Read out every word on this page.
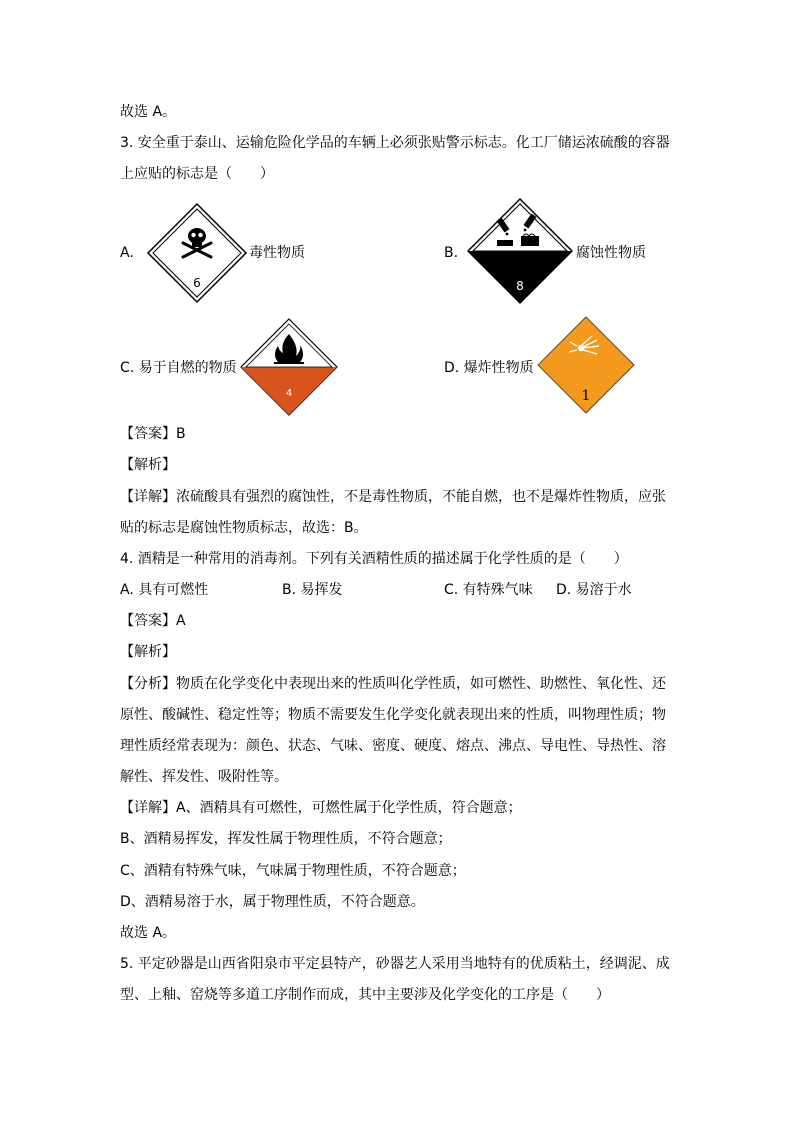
故选 A。
3. 安全重于泰山、运输危险化学品的车辆上必须张贴警示标志。化工厂储运浓硫酸的容器
上应贴的标志是（　　）
A.
6
毒性物质	B.
8
腐蚀性物质
C. 易于自燃的物质
4
D. 爆炸性物质
1
【答案】B
【解析】
【详解】浓硫酸具有强烈的腐蚀性，不是毒性物质，不能自燃，也不是爆炸性物质，应张
贴的标志是腐蚀性物质标志，故选：B。
4. 酒精是一种常用的消毒剂。下列有关酒精性质的描述属于化学性质的是（　　）
A. 具有可燃性	B. 易挥发	C. 有特殊气味 D. 易溶于水
【答案】A
【解析】
【分析】物质在化学变化中表现出来的性质叫化学性质，如可燃性、助燃性、氧化性、还
原性、酸碱性、稳定性等；物质不需要发生化学变化就表现出来的性质，叫物理性质；物
理性质经常表现为：颜色、状态、气味、密度、硬度、熔点、沸点、导电性、导热性、溶
解性、挥发性、吸附性等。
【详解】A、酒精具有可燃性，可燃性属于化学性质，符合题意；
B、酒精易挥发，挥发性属于物理性质，不符合题意；
C、酒精有特殊气味，气味属于物理性质，不符合题意；
D、酒精易溶于水，属于物理性质，不符合题意。
故选 A。
5. 平定砂器是山西省阳泉市平定县特产，砂器艺人采用当地特有的优质粘土，经调泥、成
型、上釉、窑烧等多道工序制作而成，其中主要涉及化学变化的工序是（　　）
